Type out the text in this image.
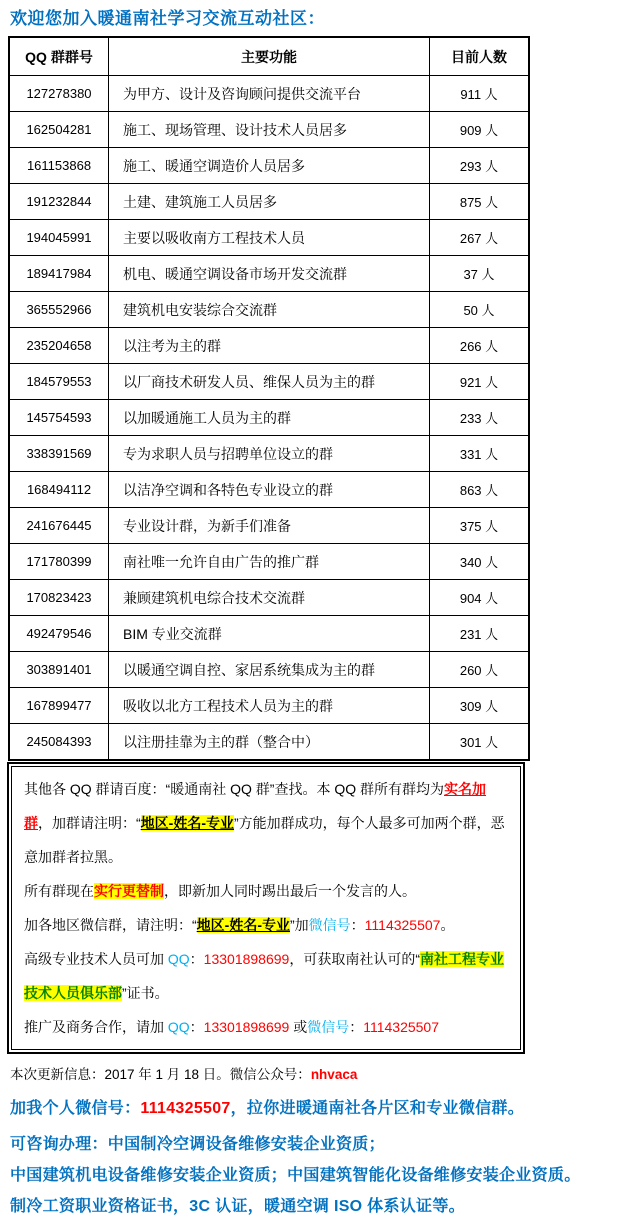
欢迎您加入暖通南社学习交流互动社区：
QQ 群群号	主要功能	目前人数
127278380	为甲方、设计及咨询顾问提供交流平台	911 人
162504281	施工、现场管理、设计技术人员居多	909 人
161153868	施工、暖通空调造价人员居多	293 人
191232844	土建、建筑施工人员居多	875 人
194045991	主要以吸收南方工程技术人员	267 人
189417984	机电、暖通空调设备市场开发交流群	37 人
365552966	建筑机电安装综合交流群	50 人
235204658	以注考为主的群	266 人
184579553	以厂商技术研发人员、维保人员为主的群	921 人
145754593	以加暖通施工人员为主的群	233 人
338391569	专为求职人员与招聘单位设立的群	331 人
168494112	以洁净空调和各特色专业设立的群	863 人
241676445	专业设计群，为新手们准备	375 人
171780399	南社唯一允许自由广告的推广群	340 人
170823423	兼顾建筑机电综合技术交流群	904 人
492479546	BIM 专业交流群	231 人
303891401	以暖通空调自控、家居系统集成为主的群	260 人
167899477	吸收以北方工程技术人员为主的群	309 人
245084393	以注册挂靠为主的群（整合中）	301 人

其他各 QQ 群请百度：“暖通南社 QQ 群”查找。本 QQ 群所有群均为实名加群，加群请注明：“地区-姓名-专业”方能加群成功，每个人最多可加两个群，恶意加群者拉黑。

所有群现在实行更替制，即新加人同时踢出最后一个发言的人。

加各地区微信群，请注明：“地区-姓名-专业”加微信号：1114325507。

高级专业技术人员可加 QQ：13301898699，可获取南社认可的“南社工程专业技术人员俱乐部”证书。

推广及商务合作，请加 QQ：13301898699 或微信号：1114325507

本次更新信息：2017 年 1 月 18 日。微信公众号：nhvaca

加我个人微信号：1114325507，拉你进暖通南社各片区和专业微信群。

可咨询办理：中国制冷空调设备维修安装企业资质；

中国建筑机电设备维修安装企业资质；中国建筑智能化设备维修安装企业资质。

制冷工资职业资格证书，3C 认证，暖通空调 ISO 体系认证等。
